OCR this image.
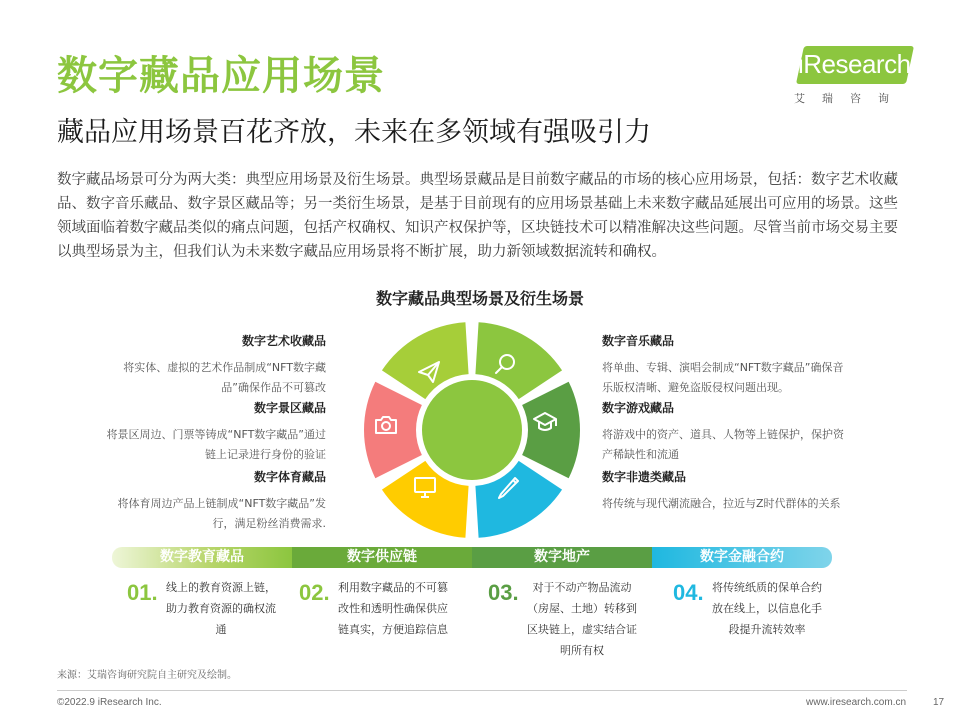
数字藏品应用场景
藏品应用场景百花齐放，未来在多领域有强吸引力
iResearch
艾瑞咨询
数字藏品场景可分为两大类：典型应用场景及衍生场景。典型场景藏品是目前数字藏品的市场的核心应用场景，包括：数字艺术收藏品、数字音乐藏品、数字景区藏品等；另一类衍生场景，是基于目前现有的应用场景基础上未来数字藏品延展出可应用的场景。这些领域面临着数字藏品类似的痛点问题，包括产权确权、知识产权保护等，区块链技术可以精准解决这些问题。尽管当前市场交易主要以典型场景为主，但我们认为未来数字藏品应用场景将不断扩展，助力新领域数据流转和确权。
数字藏品典型场景及衍生场景
数字艺术收藏品
将实体、虚拟的艺术作品制成“NFT数字藏品”确保作品不可篡改
数字景区藏品
将景区周边、门票等铸成“NFT数字藏品”通过链上记录进行身份的验证
数字体育藏品
将体育周边产品上链制成“NFT数字藏品”发行，满足粉丝消费需求.
数字音乐藏品
将单曲、专辑、演唱会制成“NFT数字藏品”确保音乐版权清晰、避免盗版侵权问题出现。
数字游戏藏品
将游戏中的资产、道具、人物等上链保护，保护资产稀缺性和流通
数字非遗类藏品
将传统与现代潮流融合，拉近与Z时代群体的关系
数字教育藏品	数字供应链	数字地产	数字金融合约
01. 线上的教育资源上链，助力教育资源的确权流通
02. 利用数字藏品的不可篡改性和透明性确保供应链真实，方便追踪信息
03.	对于不动产物品流动（房屋、土地）转移到区块链上，虚实结合证明所有权
04. 将传统纸质的保单合约放在线上，以信息化手段提升流转效率
来源：艾瑞咨询研究院自主研究及绘制。
©2022.9 iResearch Inc.	www.iresearch.com.cn	17
